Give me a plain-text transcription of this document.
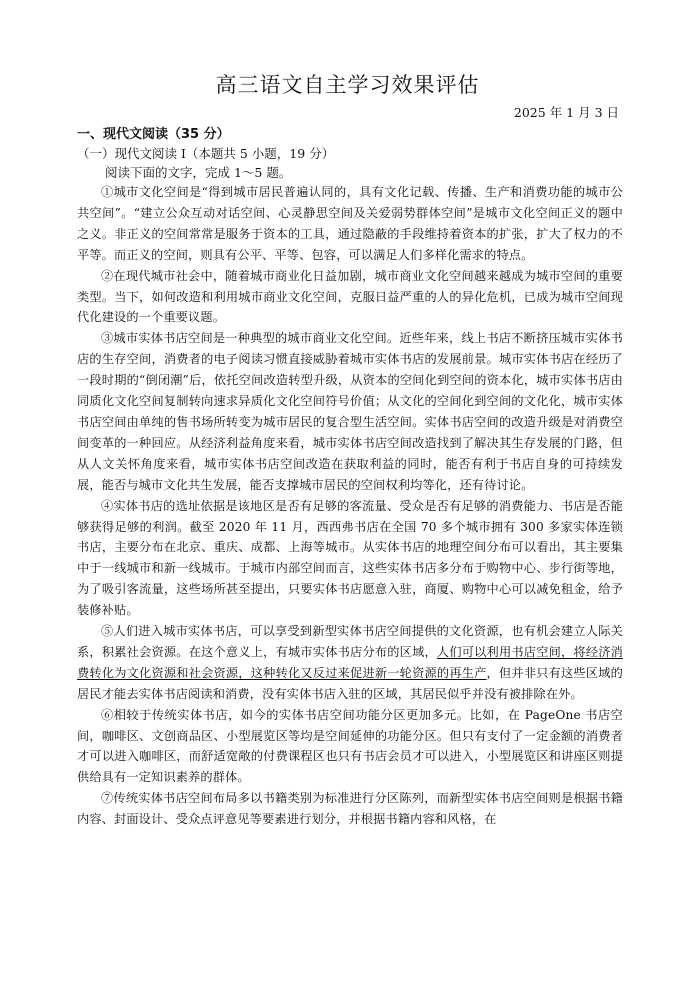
高三语文自主学习效果评估
2025 年 1 月 3 日
一、现代文阅读（35 分）
（一）现代文阅读 I（本题共 5 小题，19 分）
阅读下面的文字，完成 1～5 题。

①城市文化空间是“得到城市居民普遍认同的，具有文化记载、传播、生产和消费功能的城市公共空间”。“建立公众互动对话空间、心灵静思空间及关爱弱势群体空间”是城市文化空间正义的题中之义。非正义的空间常常是服务于资本的工具，通过隐蔽的手段维持着资本的扩张，扩大了权力的不平等。而正义的空间，则具有公平、平等、包容，可以满足人们多样化需求的特点。

②在现代城市社会中，随着城市商业化日益加剧，城市商业文化空间越来越成为城市空间的重要类型。当下，如何改造和利用城市商业文化空间，克服日益严重的人的异化危机，已成为城市空间现代化建设的一个重要议题。

③城市实体书店空间是一种典型的城市商业文化空间。近些年来，线上书店不断挤压城市实体书店的生存空间，消费者的电子阅读习惯直接威胁着城市实体书店的发展前景。城市实体书店在经历了一段时期的“倒闭潮”后，依托空间改造转型升级，从资本的空间化到空间的资本化，城市实体书店由同质化文化空间复制转向速求异质化文化空间符号价值；从文化的空间化到空间的文化化，城市实体书店空间由单纯的售书场所转变为城市居民的复合型生活空间。实体书店空间的改造升级是对消费空间变革的一种回应。从经济利益角度来看，城市实体书店空间改造找到了解决其生存发展的门路，但从人文关怀角度来看，城市实体书店空间改造在获取利益的同时，能否有利于书店自身的可持续发展，能否与城市文化共生发展，能否支撑城市居民的空间权利均等化，还有待讨论。

④实体书店的选址依据是该地区是否有足够的客流量、受众是否有足够的消费能力、书店是否能够获得足够的利润。截至 2020 年 11 月，西西弗书店在全国 70 多个城市拥有 300 多家实体连锁书店，主要分布在北京、重庆、成都、上海等城市。从实体书店的地理空间分布可以看出，其主要集中于一线城市和新一线城市。于城市内部空间而言，这些实体书店多分布于购物中心、步行街等地，为了吸引客流量，这些场所甚至提出，只要实体书店愿意入驻，商厦、购物中心可以减免租金，给予装修补贴。

⑤人们进入城市实体书店，可以享受到新型实体书店空间提供的文化资源，也有机会建立人际关系，积累社会资源。在这个意义上，有城市实体书店分布的区域，人们可以利用书店空间，将经济消费转化为文化资源和社会资源，这种转化又反过来促进新一轮资源的再生产，但并非只有这些区域的居民才能去实体书店阅读和消费，没有实体书店入驻的区域，其居民似乎并没有被排除在外。

⑥相较于传统实体书店，如今的实体书店空间功能分区更加多元。比如，在 PageOne 书店空间，咖啡区、文创商品区、小型展览区等均是空间延伸的功能分区。但只有支付了一定金额的消费者才可以进入咖啡区，而舒适宽敞的付费课程区也只有书店会员才可以进入，小型展览区和讲座区则提供给具有一定知识素养的群体。

⑦传统实体书店空间布局多以书籍类别为标准进行分区陈列，而新型实体书店空间则是根据书籍内容、封面设计、受众点评意见等要素进行划分，并根据书籍内容和风格，在
